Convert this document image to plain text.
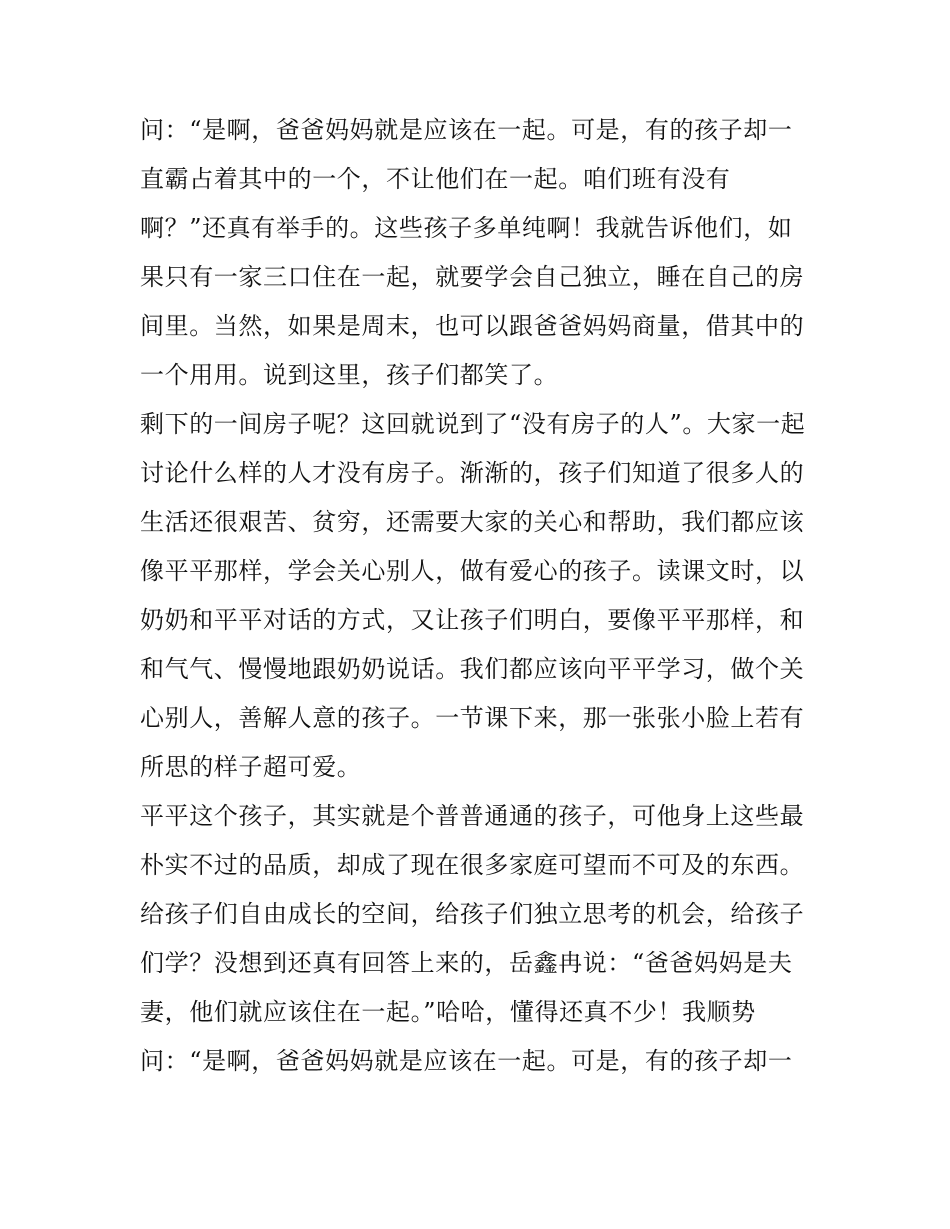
问：“是啊，爸爸妈妈就是应该在一起。可是，有的孩子却一
直霸占着其中的一个，不让他们在一起。咱们班有没有
啊？”还真有举手的。这些孩子多单纯啊！我就告诉他们，如
果只有一家三口住在一起，就要学会自己独立，睡在自己的房
间里。当然，如果是周末，也可以跟爸爸妈妈商量，借其中的
一个用用。说到这里，孩子们都笑了。
剩下的一间房子呢？这回就说到了“没有房子的人”。大家一起
讨论什么样的人才没有房子。渐渐的，孩子们知道了很多人的
生活还很艰苦、贫穷，还需要大家的关心和帮助，我们都应该
像平平那样，学会关心别人，做有爱心的孩子。读课文时，以
奶奶和平平对话的方式，又让孩子们明白，要像平平那样，和
和气气、慢慢地跟奶奶说话。我们都应该向平平学习，做个关
心别人，善解人意的孩子。一节课下来，那一张张小脸上若有
所思的样子超可爱。
平平这个孩子，其实就是个普普通通的孩子，可他身上这些最
朴实不过的品质，却成了现在很多家庭可望而不可及的东西。
给孩子们自由成长的空间，给孩子们独立思考的机会，给孩子
们学？没想到还真有回答上来的，岳鑫冉说：“爸爸妈妈是夫
妻，他们就应该住在一起。”哈哈，懂得还真不少！我顺势
问：“是啊，爸爸妈妈就是应该在一起。可是，有的孩子却一
